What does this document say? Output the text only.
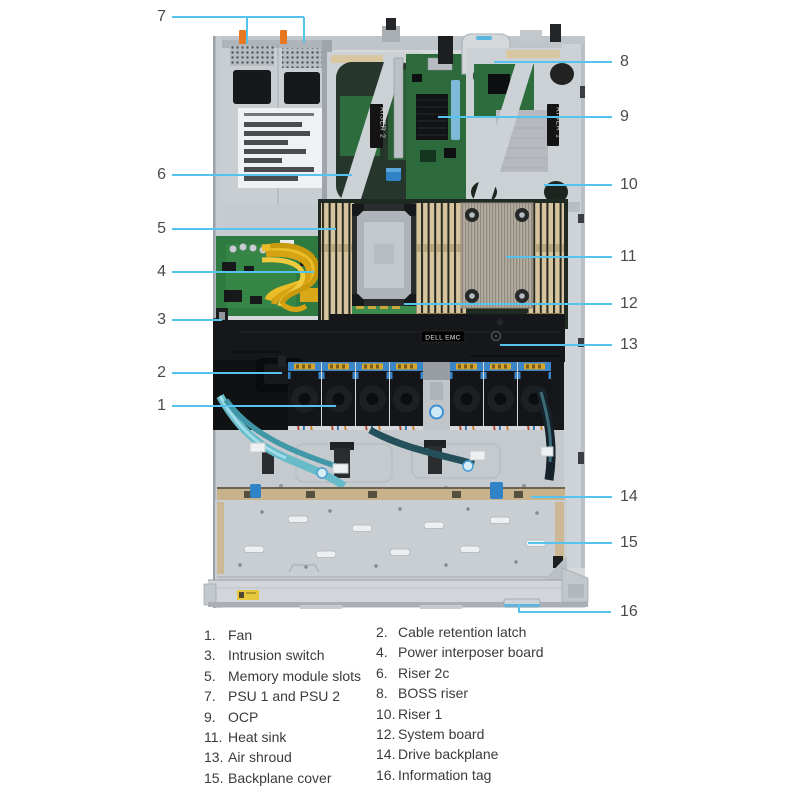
RISER 2	RISER 1
DELL EMC
7
6
5
4
3
2
1
8
9
10
11
12
13
14
15
16
1. Fan
3. Intrusion switch
5. Memory module slots
7. PSU 1 and PSU 2
9. OCP
11. Heat sink
13. Air shroud
15. Backplane cover
2. Cable retention latch
4. Power interposer board
6. Riser 2c
8. BOSS riser
10. Riser 1
12. System board
14. Drive backplane
16. Information tag
